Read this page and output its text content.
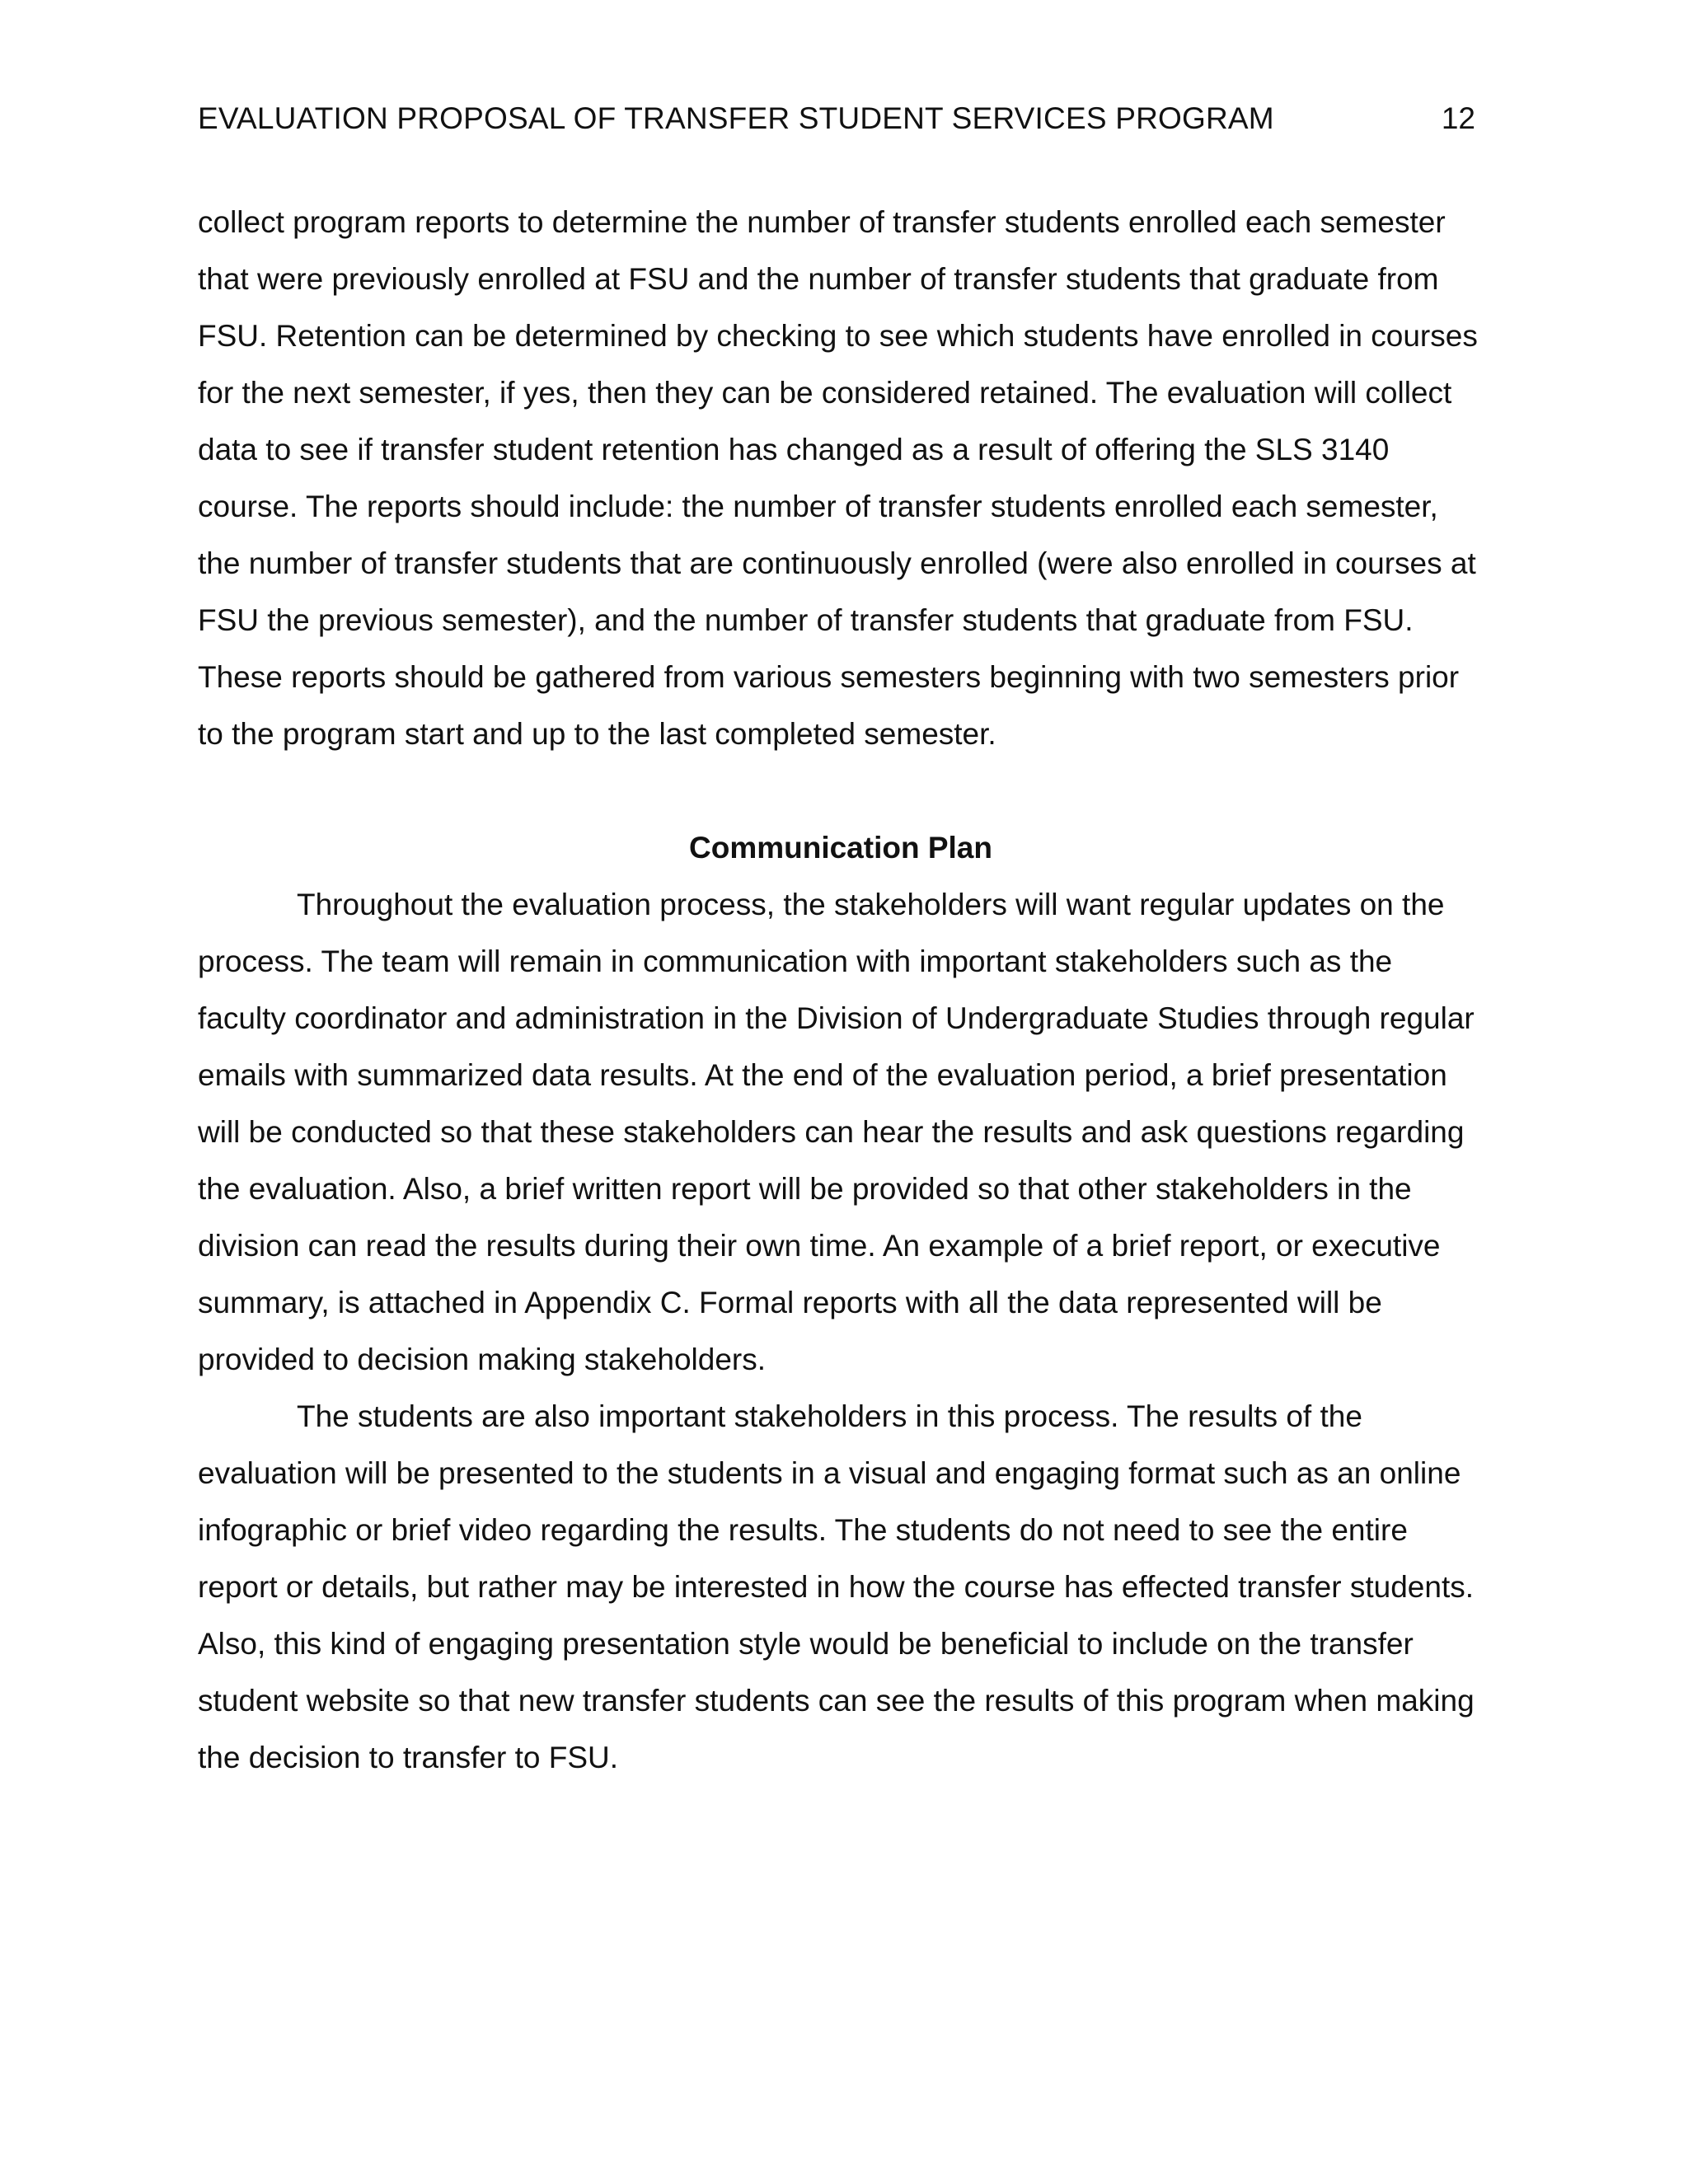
EVALUATION PROPOSAL OF TRANSFER STUDENT SERVICES PROGRAM	12

collect program reports to determine the number of transfer students enrolled each semester that were previously enrolled at FSU and the number of transfer students that graduate from FSU. Retention can be determined by checking to see which students have enrolled in courses for the next semester, if yes, then they can be considered retained. The evaluation will collect data to see if transfer student retention has changed as a result of offering the SLS 3140 course. The reports should include: the number of transfer students enrolled each semester, the number of transfer students that are continuously enrolled (were also enrolled in courses at FSU the previous semester), and the number of transfer students that graduate from FSU. These reports should be gathered from various semesters beginning with two semesters prior to the program start and up to the last completed semester.

Communication Plan

Throughout the evaluation process, the stakeholders will want regular updates on the process. The team will remain in communication with important stakeholders such as the faculty coordinator and administration in the Division of Undergraduate Studies through regular emails with summarized data results. At the end of the evaluation period, a brief presentation will be conducted so that these stakeholders can hear the results and ask questions regarding the evaluation. Also, a brief written report will be provided so that other stakeholders in the division can read the results during their own time. An example of a brief report, or executive summary, is attached in Appendix C. Formal reports with all the data represented will be provided to decision making stakeholders.

The students are also important stakeholders in this process. The results of the evaluation will be presented to the students in a visual and engaging format such as an online infographic or brief video regarding the results. The students do not need to see the entire report or details, but rather may be interested in how the course has effected transfer students. Also, this kind of engaging presentation style would be beneficial to include on the transfer student website so that new transfer students can see the results of this program when making the decision to transfer to FSU.
